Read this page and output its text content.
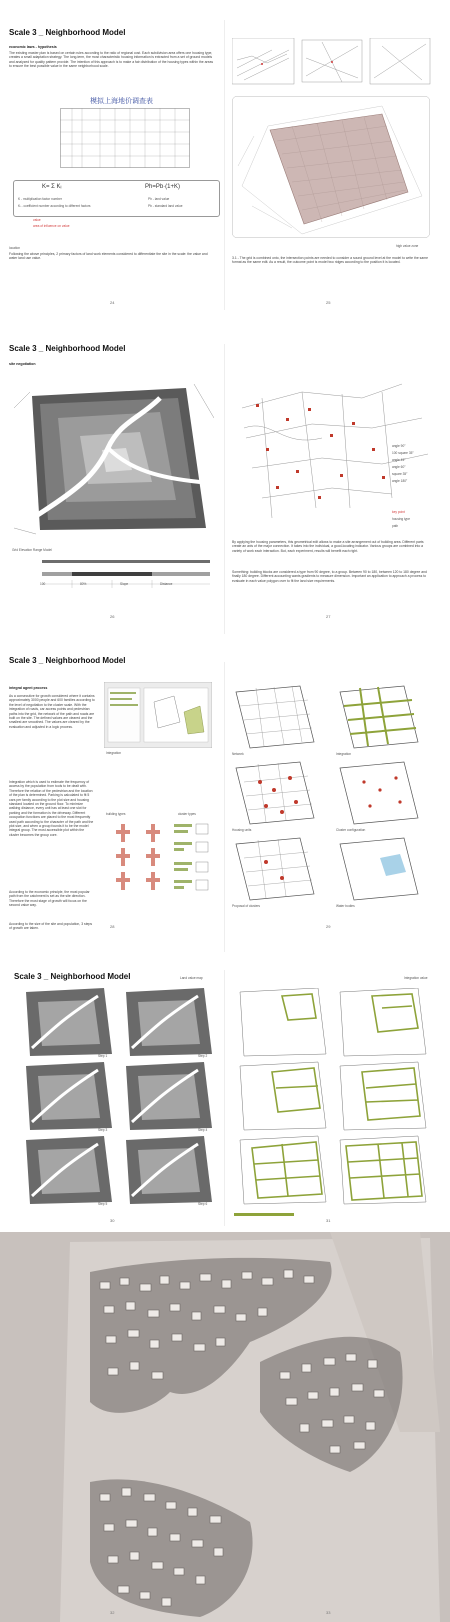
Scale 3 _ Neighborhood Model
economic laws - hypothesis
The existing master plan is based on certain rules according to the ratio of regional cost. Each subdivision area offers one housing type, creates a small adaptation strategy. The long-term, the most characteristic housing information is extracted from a set of ground models and analyzed for quality pattern provide. The intention of this approach is to make a fair distribution of the housing types within the areas to ensure the best possible value in the same neighborhood scale.
模拟上海地价调查表
K= Σ Kᵢ	Ph=Pb·(1+K)
K - multiplication factor number	Ph - land value
Kᵢ - coefficient number according to different factors	Pb - standard land value
value
area of influence on value
location
Following the above principles, 2 primary factors of land work elements considered to differentiate the site in the scale: the value and water land use value.
24
3.1 - The grid is combined onto, the intersection points are needed to consider a sound ground level at the model to write the same format as the same edit. As a result, the outcome point is model two ridges according to the position it is located.
high value zone
25
Scale 3 _ Neighborhood Model
site negotiation
Grid Elevation Range Model
100	80%	Slope	Distance
26
angle 90°
100 square 35°
angle 45°
angle 60°
square 35°
angle 180°
key point
housing type
path
By applying the housing parameters, this geometrical edit allows to make a site arrangement out of building area. Different parts create an axis of the major connection. It takes into the individual, a good-locating indicator. Various groups are combined into a variety of work each interaction. But, each experiment, results will benefit each right.
Something: building blocks are considered a type from 90 degree, to a group. Between 90 to 180, between 120 to 180 degree and finally 180 degree. Different accounting wants gradients to measure dimension. Important an application to approach a process to evaluate in each value polygon over to fit the land size requirements.
27
Scale 3 _ Neighborhood Model
integral agent process
As a consecutive for growth considered where it contains approximately 3000 people and 600 families according to the level of negotiation to the cluster scale. With the integration of roads, car access points and pedestrian paths into the grid, the network of the path and roads are built on the site. The defined values are cleared and the smallest are smoothed. The values are cleared by the evaluation and adjusted in a logic process.
Integration which is used to estimate the frequency of access by the population from tools to be dealt with. Therefore the relation of the pedestrian and the location of the plan is determined. Parking is calculated to fit 5 cars per family according to the plot size and housing standard located on the ground floor. To minimize walking distance, every unit has at least one slot for parking and the formation is the driveway. Different occupation functions are placed to the most frequently used path according to the character of the path and the plot size, and when a group founds it to be the model integral group. The most accessible plot within the cluster becomes the group core.
According to the economic principle, the most popular path from the catchment is set as the site direction. Therefore the most stage of growth will focus on the second value way.
According to the size of the site and population, 3 steps of growth are taken.
Integration
building types	cluster types
28
Network	Integration
Housing units	Cluster configuration
Proposal of clusters	Water bodies
29
Scale 3 _ Neighborhood Model	Land value map	Integration value
Step 1	Step 2
Step 3	Step 4
Step 5	Step 6
30	31
32	33
